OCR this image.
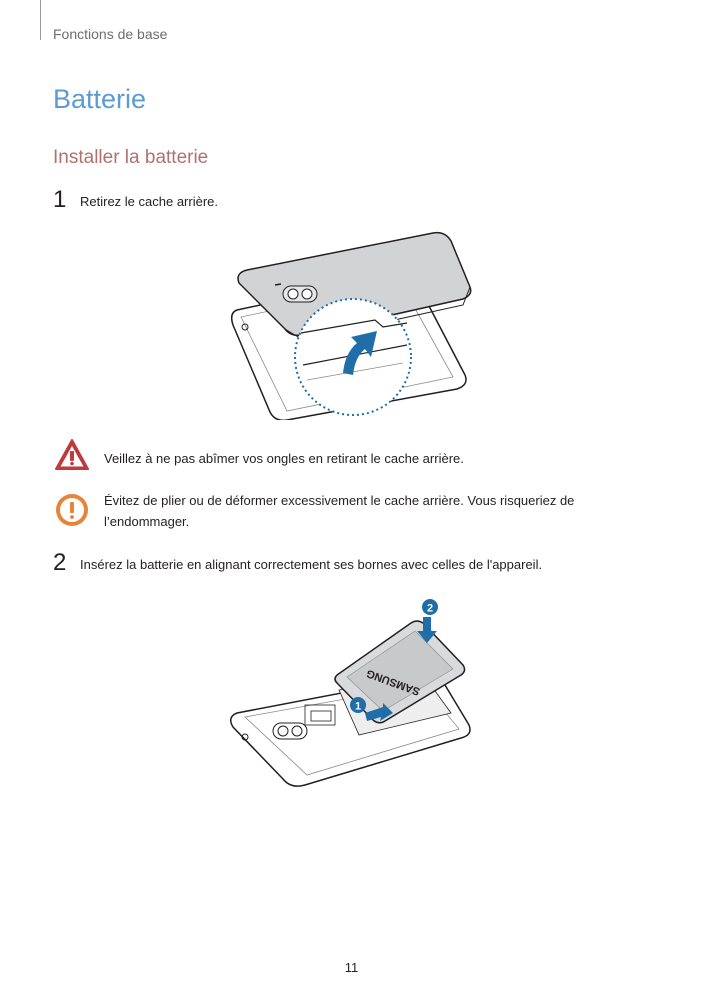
Fonctions de base
Batterie
Installer la batterie
1 Retirez le cache arrière.
Veillez à ne pas abîmer vos ongles en retirant le cache arrière.
Évitez de plier ou de déformer excessivement le cache arrière. Vous risqueriez de l’endommager.
2 Insérez la batterie en alignant correctement ses bornes avec celles de l'appareil.
SAMSUNG
2
1
11
